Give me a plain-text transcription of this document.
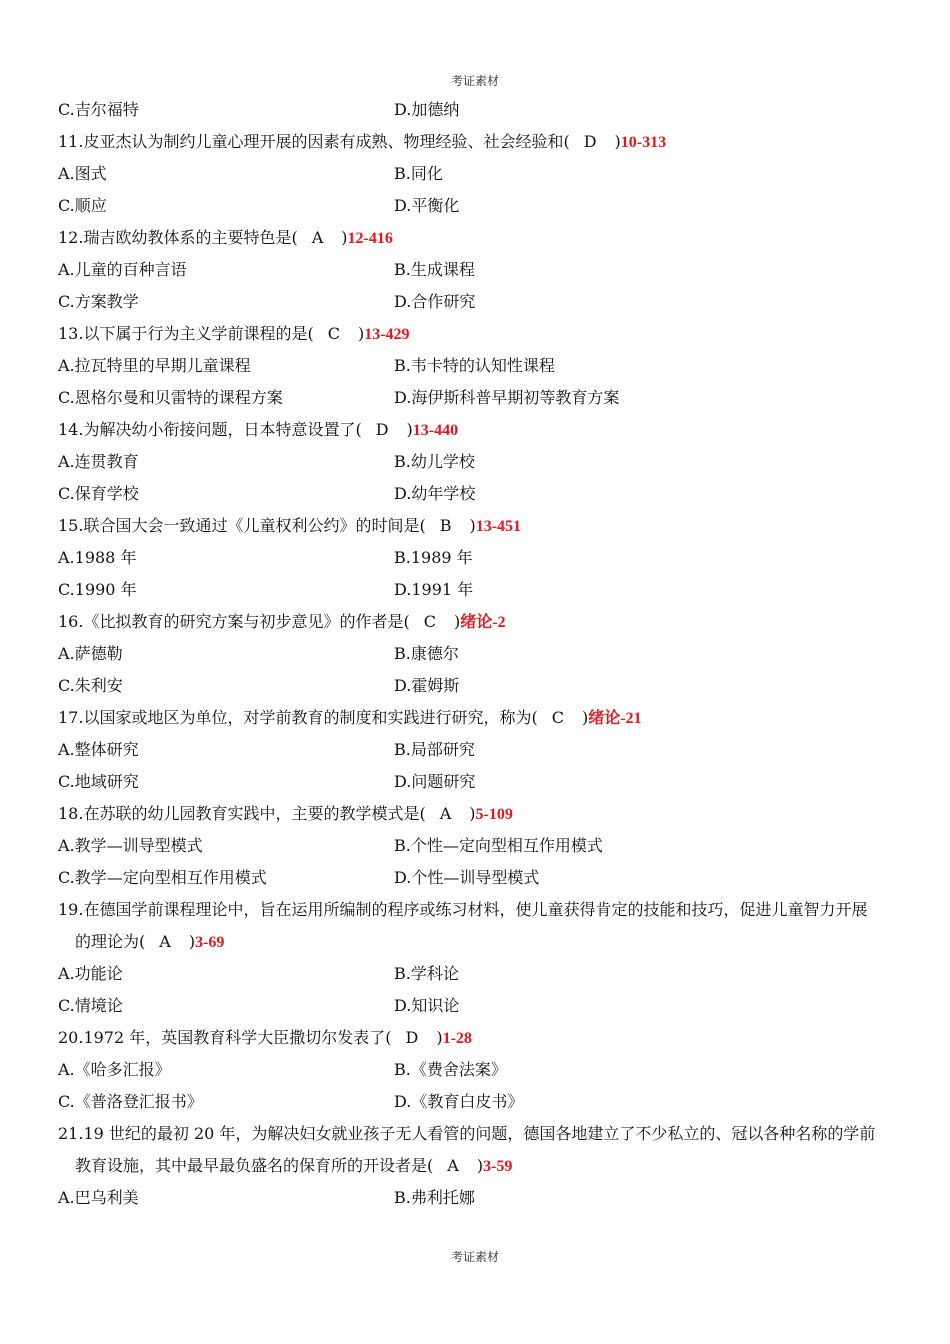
考证素材
C.吉尔福特	D.加德纳
11.皮亚杰认为制约儿童心理开展的因素有成熟、物理经验、社会经验和( D )10-313
A.图式	B.同化
C.顺应	D.平衡化
12.瑞吉欧幼教体系的主要特色是( A )12-416
A.儿童的百种言语	B.生成课程
C.方案教学	D.合作研究
13.以下属于行为主义学前课程的是( C )13-429
A.拉瓦特里的早期儿童课程	B.韦卡特的认知性课程
C.恩格尔曼和贝雷特的课程方案	D.海伊斯科普早期初等教育方案
14.为解决幼小衔接问题，日本特意设置了( D )13-440
A.连贯教育	B.幼儿学校
C.保育学校	D.幼年学校
15.联合国大会一致通过《儿童权利公约》的时间是( B )13-451
A.1988 年	B.1989 年
C.1990 年	D.1991 年
16.《比拟教育的研究方案与初步意见》的作者是( C )绪论-2
A.萨德勒	B.康德尔
C.朱利安	D.霍姆斯
17.以国家或地区为单位，对学前教育的制度和实践进行研究，称为( C )绪论-21
A.整体研究	B.局部研究
C.地域研究	D.问题研究
18.在苏联的幼儿园教育实践中，主要的教学模式是( A )5-109
A.教学—训导型模式	B.个性—定向型相互作用模式
C.教学—定向型相互作用模式	D.个性—训导型模式
19.在德国学前课程理论中，旨在运用所编制的程序或练习材料，使儿童获得肯定的技能和技巧，促进儿童智力开展
的理论为( A )3-69
A.功能论	B.学科论
C.情境论	D.知识论
20.1972 年，英国教育科学大臣撒切尔发表了( D )1-28
A.《哈多汇报》	B.《费舍法案》
C.《普洛登汇报书》	D.《教育白皮书》
21.19 世纪的最初 20 年，为解决妇女就业孩子无人看管的问题，德国各地建立了不少私立的、冠以各种名称的学前
教育设施，其中最早最负盛名的保育所的开设者是( A )3-59
A.巴乌利美	B.弗利托娜
考证素材
